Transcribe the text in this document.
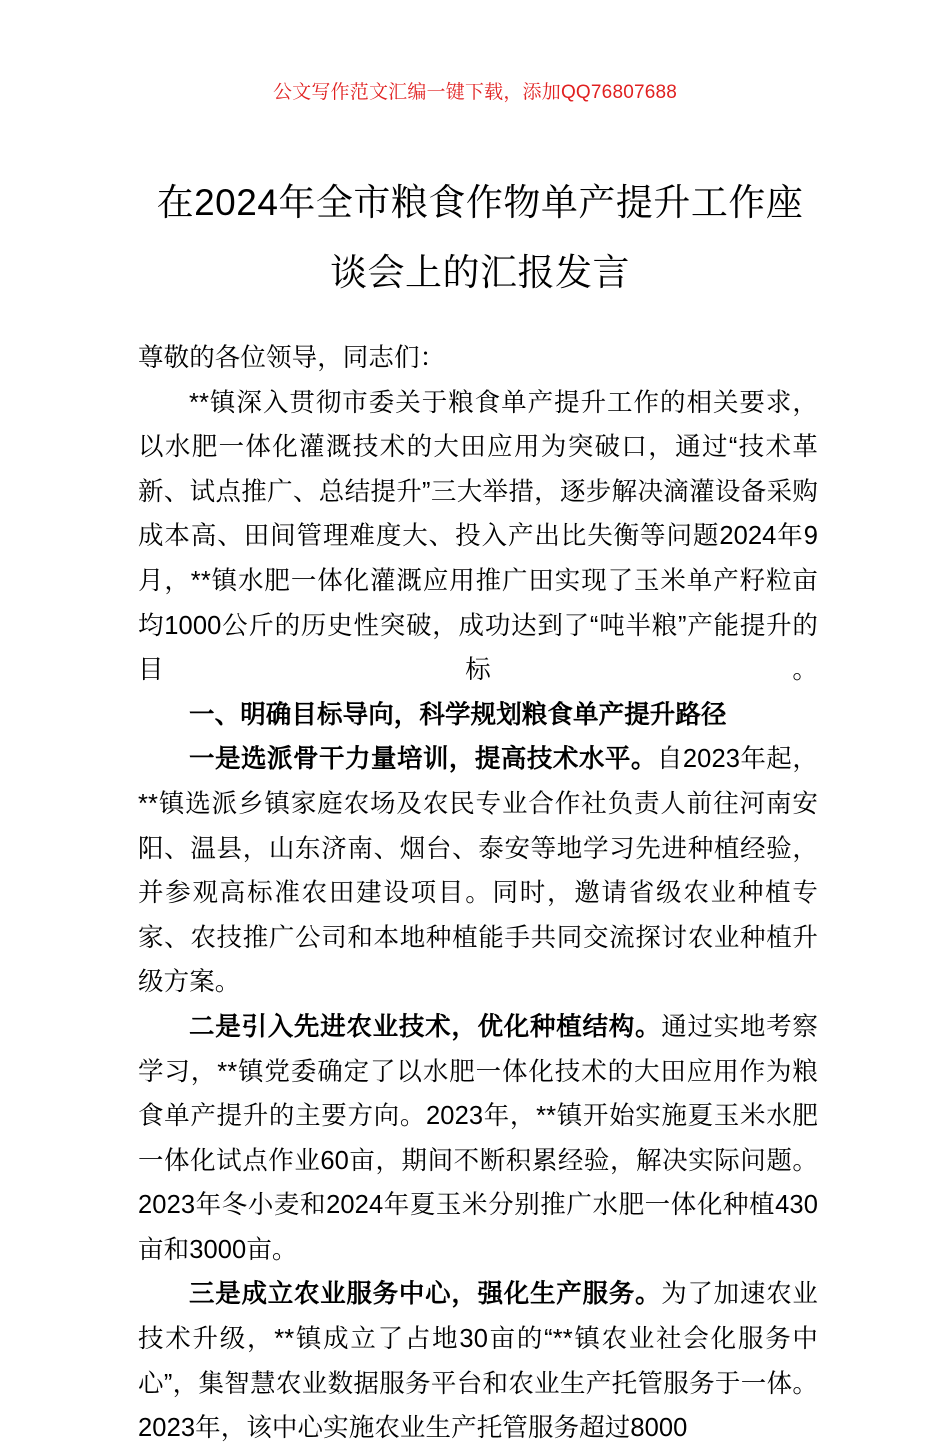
公文写作范文汇编一键下载，添加QQ76807688
在2024年全市粮食作物单产提升工作座谈会上的汇报发言

尊敬的各位领导，同志们：

**镇深入贯彻市委关于粮食单产提升工作的相关要求，以水肥一体化灌溉技术的大田应用为突破口，通过“技术革新、试点推广、总结提升”三大举措，逐步解决滴灌设备采购成本高、田间管理难度大、投入产出比失衡等问题2024年9月，**镇水肥一体化灌溉应用推广田实现了玉米单产籽粒亩均1000公斤的历史性突破，成功达到了“吨半粮”产能提升的目标。

一、明确目标导向，科学规划粮食单产提升路径

一是选派骨干力量培训，提高技术水平。自2023年起，**镇选派乡镇家庭农场及农民专业合作社负责人前往河南安阳、温县，山东济南、烟台、泰安等地学习先进种植经验，并参观高标准农田建设项目。同时，邀请省级农业种植专家、农技推广公司和本地种植能手共同交流探讨农业种植升级方案。

二是引入先进农业技术，优化种植结构。通过实地考察学习，**镇党委确定了以水肥一体化技术的大田应用作为粮食单产提升的主要方向。2023年，**镇开始实施夏玉米水肥一体化试点作业60亩，期间不断积累经验，解决实际问题。2023年冬小麦和2024年夏玉米分别推广水肥一体化种植430亩和3000亩。

三是成立农业服务中心，强化生产服务。为了加速农业技术升级，**镇成立了占地30亩的“**镇农业社会化服务中心”，集智慧农业数据服务平台和农业生产托管服务于一体。2023年，该中心实施农业生产托管服务超过8000
